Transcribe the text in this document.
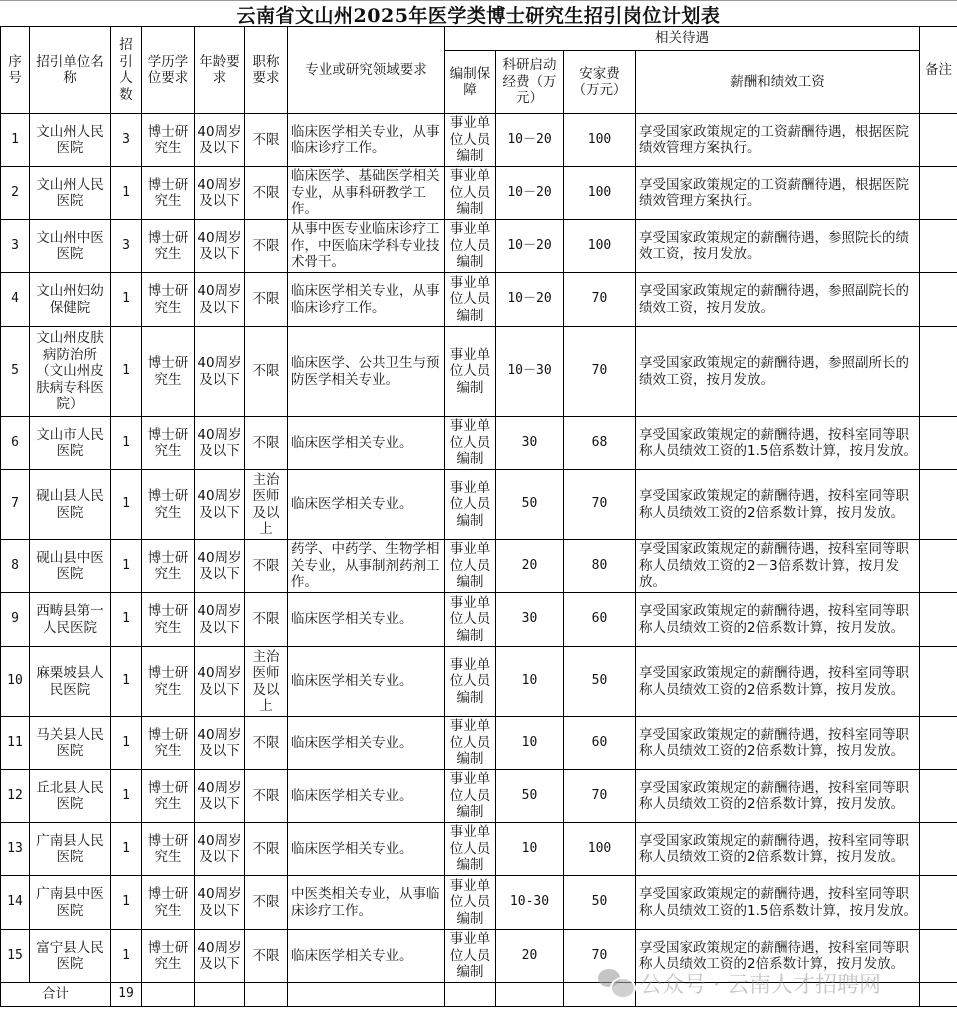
云南省文山州2025年医学类博士研究生招引岗位计划表
序号	招引单位名称	招引人数	学历学位要求	年龄要求	职称要求	专业或研究领域要求	相关待遇				备注
							编制保障	科研启动经费（万元）	安家费（万元）	薪酬和绩效工资	
1	文山州人民医院	3	博士研究生	40周岁及以下	不限	临床医学相关专业，从事临床诊疗工作。	事业单位人员编制	10－20	100	享受国家政策规定的工资薪酬待遇，根据医院绩效管理方案执行。	
2	文山州人民医院	1	博士研究生	40周岁及以下	不限	临床医学、基础医学相关专业，从事科研教学工作。	事业单位人员编制	10－20	100	享受国家政策规定的工资薪酬待遇，根据医院绩效管理方案执行。	
3	文山州中医医院	3	博士研究生	40周岁及以下	不限	从事中医专业临床诊疗工作，中医临床学科专业技术骨干。	事业单位人员编制	10－20	100	享受国家政策规定的薪酬待遇，参照院长的绩效工资，按月发放。	
4	文山州妇幼保健院	1	博士研究生	40周岁及以下	不限	临床医学相关专业，从事临床诊疗工作。	事业单位人员编制	10－20	70	享受国家政策规定的薪酬待遇，参照副院长的绩效工资，按月发放。	
5	文山州皮肤病防治所（文山州皮肤病专科医院）	1	博士研究生	40周岁及以下	不限	临床医学、公共卫生与预防医学相关专业。	事业单位人员编制	10－30	70	享受国家政策规定的薪酬待遇，参照副所长的绩效工资，按月发放。	
6	文山市人民医院	1	博士研究生	40周岁及以下	不限	临床医学相关专业。	事业单位人员编制	30	68	享受国家政策规定的薪酬待遇，按科室同等职称人员绩效工资的1.5倍系数计算，按月发放。	
7	砚山县人民医院	1	博士研究生	40周岁及以下	主治医师及以上	临床医学相关专业。	事业单位人员编制	50	70	享受国家政策规定的薪酬待遇，按科室同等职称人员绩效工资的2倍系数计算，按月发放。	
8	砚山县中医医院	1	博士研究生	40周岁及以下	不限	药学、中药学、生物学相关专业，从事制剂药剂工作。	事业单位人员编制	20	80	享受国家政策规定的薪酬待遇，按科室同等职称人员绩效工资的2－3倍系数计算，按月发放。	
9	西畴县第一人民医院	1	博士研究生	40周岁及以下	不限	临床医学相关专业。	事业单位人员编制	30	60	享受国家政策规定的薪酬待遇，按科室同等职称人员绩效工资的2倍系数计算，按月发放。	
10	麻栗坡县人民医院	1	博士研究生	40周岁及以下	主治医师及以上	临床医学相关专业。	事业单位人员编制	10	50	享受国家政策规定的薪酬待遇，按科室同等职称人员绩效工资的2倍系数计算，按月发放。	
11	马关县人民医院	1	博士研究生	40周岁及以下	不限	临床医学相关专业。	事业单位人员编制	10	60	享受国家政策规定的薪酬待遇，按科室同等职称人员绩效工资的2倍系数计算，按月发放。	
12	丘北县人民医院	1	博士研究生	40周岁及以下	不限	临床医学相关专业。	事业单位人员编制	50	70	享受国家政策规定的薪酬待遇，按科室同等职称人员绩效工资的2倍系数计算，按月发放。	
13	广南县人民医院	1	博士研究生	40周岁及以下	不限	临床医学相关专业。	事业单位人员编制	10	100	享受国家政策规定的薪酬待遇，按科室同等职称人员绩效工资的2倍系数计算，按月发放。	
14	广南县中医医院	1	博士研究生	40周岁及以下	不限	中医类相关专业，从事临床诊疗工作。	事业单位人员编制	10-30	50	享受国家政策规定的薪酬待遇，按科室同等职称人员绩效工资的1.5倍系数计算，按月发放。	
15	富宁县人民医院	1	博士研究生	40周岁及以下	不限	临床医学相关专业。	事业单位人员编制	20	70	享受国家政策规定的薪酬待遇，按科室同等职称人员绩效工资的2倍系数计算，按月发放。	
合计		19										公众号 · 云南人才招聘网
